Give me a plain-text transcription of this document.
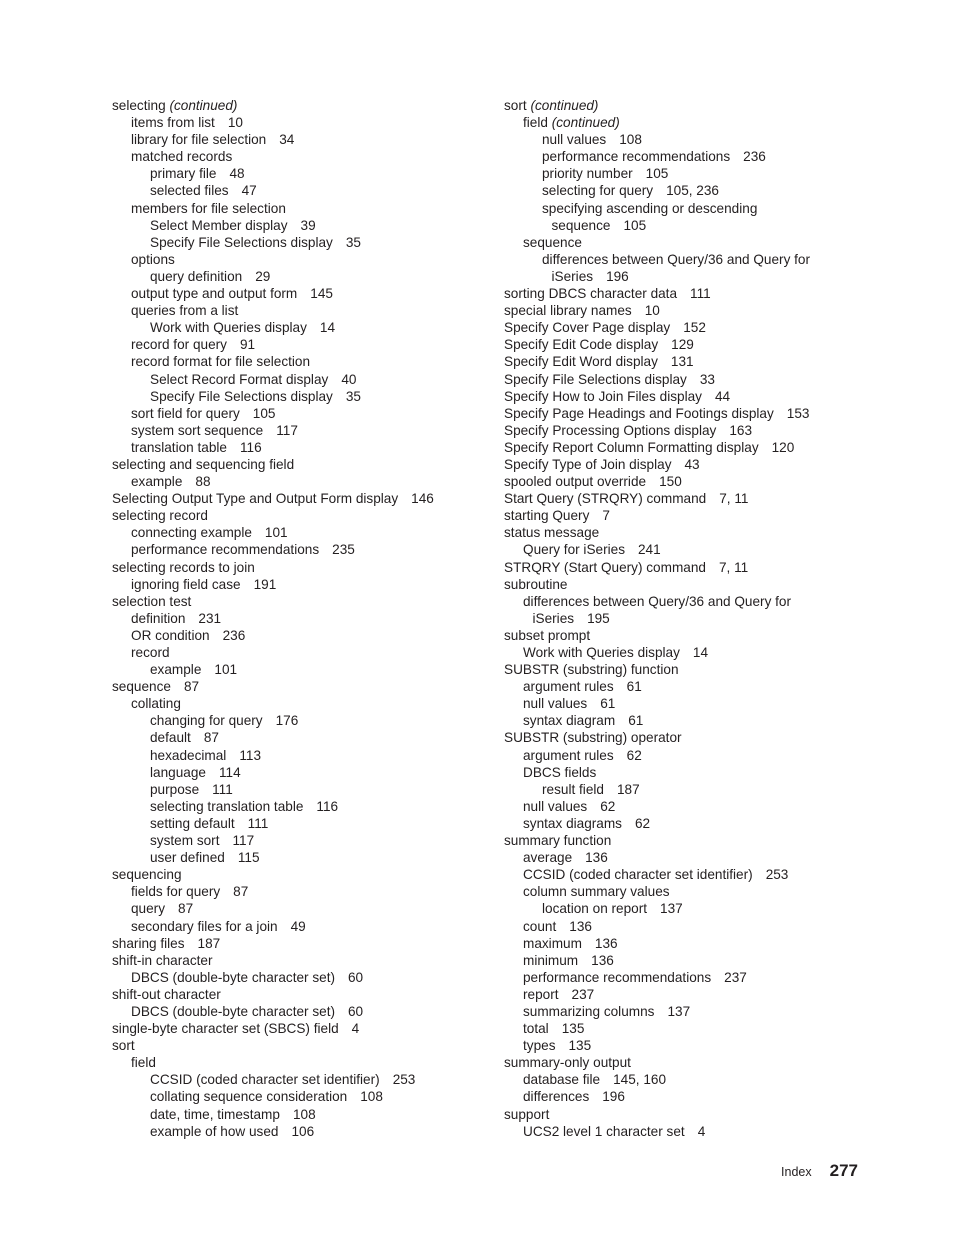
selecting (continued)
items from list 10
library for file selection 34
matched records
primary file 48
selected files 47
members for file selection
Select Member display 39
Specify File Selections display 35
options
query definition 29
output type and output form 145
queries from a list
Work with Queries display 14
record for query 91
record format for file selection
Select Record Format display 40
Specify File Selections display 35
sort field for query 105
system sort sequence 117
translation table 116
selecting and sequencing field
example 88
Selecting Output Type and Output Form display 146
selecting record
connecting example 101
performance recommendations 235
selecting records to join
ignoring field case 191
selection test
definition 231
OR condition 236
record
example 101
sequence 87
collating
changing for query 176
default 87
hexadecimal 113
language 114
purpose 111
selecting translation table 116
setting default 111
system sort 117
user defined 115
sequencing
fields for query 87
query 87
secondary files for a join 49
sharing files 187
shift-in character
DBCS (double-byte character set) 60
shift-out character
DBCS (double-byte character set) 60
single-byte character set (SBCS) field 4
sort
field
CCSID (coded character set identifier) 253
collating sequence consideration 108
date, time, timestamp 108
example of how used 106
sort (continued)
field (continued)
null values 108
performance recommendations 236
priority number 105
selecting for query 105, 236
specifying ascending or descending sequence 105
sequence
differences between Query/36 and Query for iSeries 196
sorting DBCS character data 111
special library names 10
Specify Cover Page display 152
Specify Edit Code display 129
Specify Edit Word display 131
Specify File Selections display 33
Specify How to Join Files display 44
Specify Page Headings and Footings display 153
Specify Processing Options display 163
Specify Report Column Formatting display 120
Specify Type of Join display 43
spooled output override 150
Start Query (STRQRY) command 7, 11
starting Query 7
status message
Query for iSeries 241
STRQRY (Start Query) command 7, 11
subroutine
differences between Query/36 and Query for iSeries 195
subset prompt
Work with Queries display 14
SUBSTR (substring) function
argument rules 61
null values 61
syntax diagram 61
SUBSTR (substring) operator
argument rules 62
DBCS fields
result field 187
null values 62
syntax diagrams 62
summary function
average 136
CCSID (coded character set identifier) 253
column summary values
location on report 137
count 136
maximum 136
minimum 136
performance recommendations 237
report 237
summarizing columns 137
total 135
types 135
summary-only output
database file 145, 160
differences 196
support
UCS2 level 1 character set 4
Index 277
